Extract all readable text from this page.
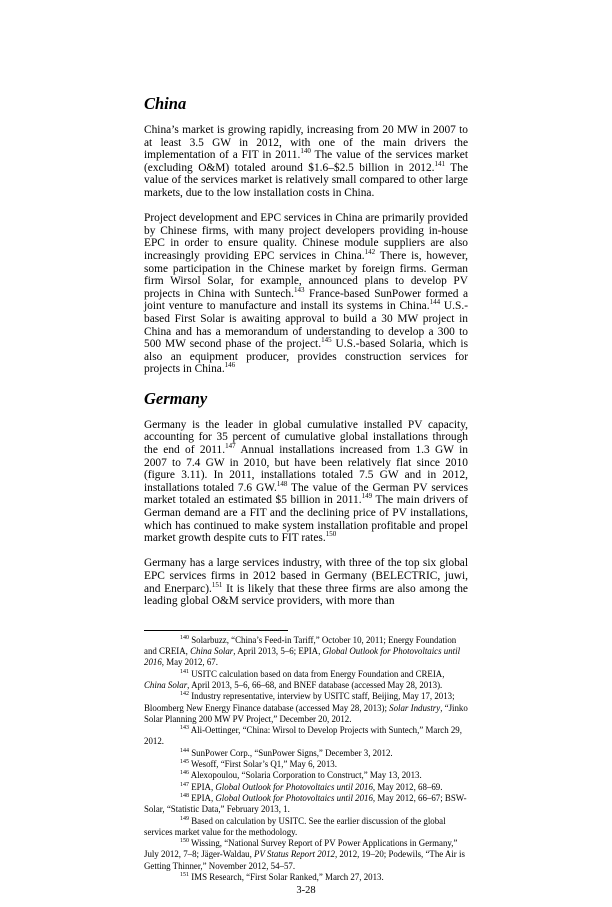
China

China’s market is growing rapidly, increasing from 20 MW in 2007 to at least 3.5 GW in 2012, with one of the main drivers the implementation of a FIT in 2011.$^{140}$ The value of the services market (excluding O&M) totaled around $1.6–$2.5 billion in 2012.$^{141}$ The value of the services market is relatively small compared to other large markets, due to the low installation costs in China.

Project development and EPC services in China are primarily provided by Chinese firms, with many project developers providing in-house EPC in order to ensure quality. Chinese module suppliers are also increasingly providing EPC services in China.$^{142}$ There is, however, some participation in the Chinese market by foreign firms. German firm Wirsol Solar, for example, announced plans to develop PV projects in China with Suntech.$^{143}$ France-based SunPower formed a joint venture to manufacture and install its systems in China.$^{144}$ U.S.-based First Solar is awaiting approval to build a 30 MW project in China and has a memorandum of understanding to develop a 300 to 500 MW second phase of the project.$^{145}$ U.S.-based Solaria, which is also an equipment producer, provides construction services for projects in China.$^{146}$

Germany

Germany is the leader in global cumulative installed PV capacity, accounting for 35 percent of cumulative global installations through the end of 2011.$^{147}$ Annual installations increased from 1.3 GW in 2007 to 7.4 GW in 2010, but have been relatively flat since 2010 (figure 3.11). In 2011, installations totaled 7.5 GW and in 2012, installations totaled 7.6 GW.$^{148}$ The value of the German PV services market totaled an estimated $5 billion in 2011.$^{149}$ The main drivers of German demand are a FIT and the declining price of PV installations, which has continued to make system installation profitable and propel market growth despite cuts to FIT rates.$^{150}$

Germany has a large services industry, with three of the top six global EPC services firms in 2012 based in Germany (BELECTRIC, juwi, and Enerparc).$^{151}$ It is likely that these three firms are also among the leading global O&M service providers, with more than

$^{140}$ Solarbuzz, “China’s Feed-in Tariff,” October 10, 2011; Energy Foundation and CREIA, China Solar, April 2013, 5–6; EPIA, Global Outlook for Photovoltaics until 2016, May 2012, 67.

$^{141}$ USITC calculation based on data from Energy Foundation and CREIA, China Solar, April 2013, 5–6, 66–68, and BNEF database (accessed May 28, 2013).

$^{142}$ Industry representative, interview by USITC staff, Beijing, May 17, 2013; Bloomberg New Energy Finance database (accessed May 28, 2013); Solar Industry, “Jinko Solar Planning 200 MW PV Project,” December 20, 2012.

$^{143}$ Ali-Oettinger, “China: Wirsol to Develop Projects with Suntech,” March 29, 2012.

$^{144}$ SunPower Corp., “SunPower Signs,” December 3, 2012.

$^{145}$ Wesoff, “First Solar’s Q1,” May 6, 2013.

$^{146}$ Alexopoulou, “Solaria Corporation to Construct,” May 13, 2013.

$^{147}$ EPIA, Global Outlook for Photovoltaics until 2016, May 2012, 68–69.

$^{148}$ EPIA, Global Outlook for Photovoltaics until 2016, May 2012, 66–67; BSW-Solar, “Statistic Data,” February 2013, 1.

$^{149}$ Based on calculation by USITC. See the earlier discussion of the global services market value for the methodology.

$^{150}$ Wissing, “National Survey Report of PV Power Applications in Germany,” July 2012, 7–8; Jäger-Waldau, PV Status Report 2012, 2012, 19–20; Podewils, “The Air is Getting Thinner,” November 2012, 54–57.

$^{151}$ IMS Research, “First Solar Ranked,” March 27, 2013.

3-28
